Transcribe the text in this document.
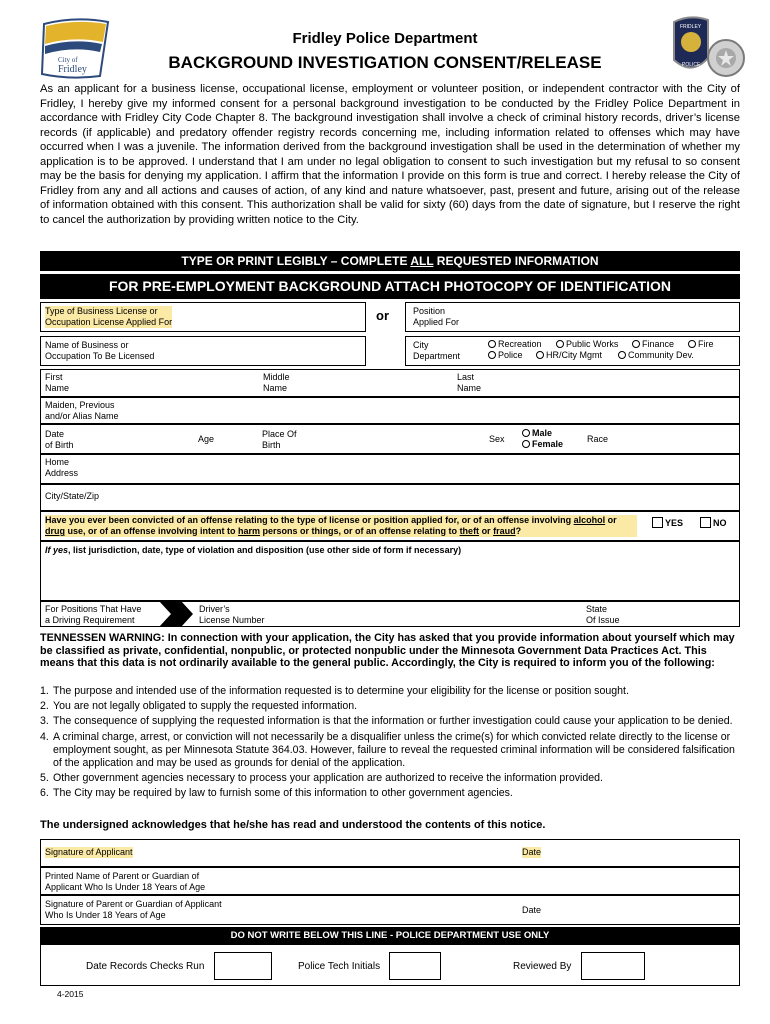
City of
Fridley
FRIDLEY
POLICE
Fridley Police Department
BACKGROUND INVESTIGATION CONSENT/RELEASE
As an applicant for a business license, occupational license, employment or volunteer position, or independent contractor with the City of Fridley, I hereby give my informed consent for a personal background investigation to be conducted by the Fridley Police Department in accordance with Fridley City Code Chapter 8. The background investigation shall involve a check of criminal history records, driver’s license records (if applicable) and predatory offender registry records concerning me, including information related to offenses which may have occurred when I was a juvenile. The information derived from the background investigation shall be used in the determination of whether my application is to be approved. I understand that I am under no legal obligation to consent to such investigation but my refusal to so consent may be the basis for denying my application. I affirm that the information I provide on this form is true and correct. I hereby release the City of Fridley from any and all actions and causes of action, of any kind and nature whatsoever, past, present and future, arising out of the release of information obtained with this consent. This authorization shall be valid for sixty (60) days from the date of signature, but I reserve the right to cancel the authorization by providing written notice to the City.
TYPE OR PRINT LEGIBLY – COMPLETE ALL REQUESTED INFORMATION
FOR PRE-EMPLOYMENT BACKGROUND ATTACH PHOTOCOPY OF IDENTIFICATION
Type of Business License or
Occupation License Applied For	or	Position
Applied For
Name of Business or
Occupation To Be Licensed
City
Department
Recreation	Public Works	Finance	Fire
Police	HR/City Mgmt	Community Dev.
First
Name
Middle
Name
Last
Name
Maiden, Previous
and/or Alias Name
Date
of Birth
Age	Place Of
Birth
Sex
Male
Female	Race
Home
Address
City/State/Zip
Have you ever been convicted of an offense relating to the type of license or position applied for, or of an offense involving alcohol or drug use, or of an offense involving intent to harm persons or things, or of an offense relating to theft or fraud?
YES	NO
If yes, list jurisdiction, date, type of violation and disposition (use other side of form if necessary)
For Positions That Have
a Driving Requirement
Driver’s
License Number
State
Of Issue
TENNESSEN WARNING: In connection with your application, the City has asked that you provide information about yourself which may be classified as private, confidential, nonpublic, or protected nonpublic under the Minnesota Government Data Practices Act. This means that this data is not ordinarily available to the general public. Accordingly, the City is required to inform you of the following:
1. The purpose and intended use of the information requested is to determine your eligibility for the license or position sought.
2. You are not legally obligated to supply the requested information.
3. The consequence of supplying the requested information is that the information or further investigation could cause your application to be denied.
4. A criminal charge, arrest, or conviction will not necessarily be a disqualifier unless the crime(s) for which convicted relate directly to the license or employment sought, as per Minnesota Statute 364.03. However, failure to reveal the requested criminal information will be considered falsification of the application and may be used as grounds for denial of the application.
5. Other government agencies necessary to process your application are authorized to receive the information provided.
6. The City may be required by law to furnish some of this information to other government agencies.
The undersigned acknowledges that he/she has read and understood the contents of this notice.
Signature of Applicant	Date
Printed Name of Parent or Guardian of
Applicant Who Is Under 18 Years of Age
Signature of Parent or Guardian of Applicant
Who Is Under 18 Years of Age	Date
DO NOT WRITE BELOW THIS LINE - POLICE DEPARTMENT USE ONLY
Date Records Checks Run	Police Tech Initials	Reviewed By
4-2015
